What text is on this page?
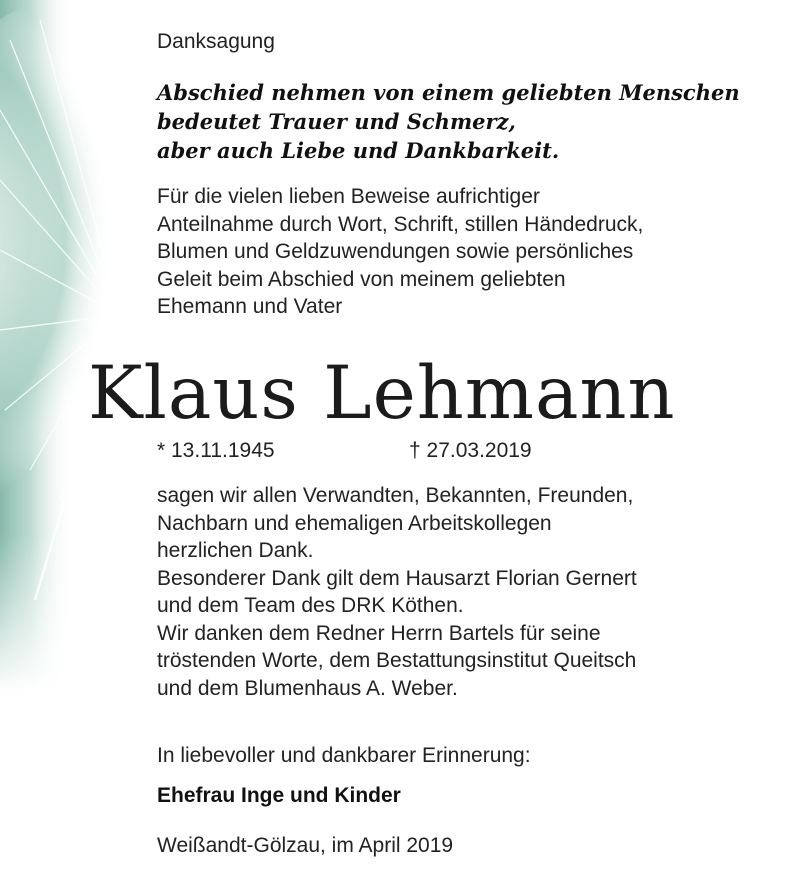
Danksagung
Abschied nehmen von einem geliebten Menschen
bedeutet Trauer und Schmerz,
aber auch Liebe und Dankbarkeit.
Für die vielen lieben Beweise aufrichtiger
Anteilnahme durch Wort, Schrift, stillen Händedruck,
Blumen und Geldzuwendungen sowie persönliches
Geleit beim Abschied von meinem geliebten
Ehemann und Vater
Klaus Lehmann
* 13.11.1945	† 27.03.2019
sagen wir allen Verwandten, Bekannten, Freunden,
Nachbarn und ehemaligen Arbeitskollegen
herzlichen Dank.
Besonderer Dank gilt dem Hausarzt Florian Gernert
und dem Team des DRK Köthen.
Wir danken dem Redner Herrn Bartels für seine
tröstenden Worte, dem Bestattungsinstitut Queitsch
und dem Blumenhaus A. Weber.
In liebevoller und dankbarer Erinnerung:
Ehefrau Inge und Kinder
Weißandt-Gölzau, im April 2019
